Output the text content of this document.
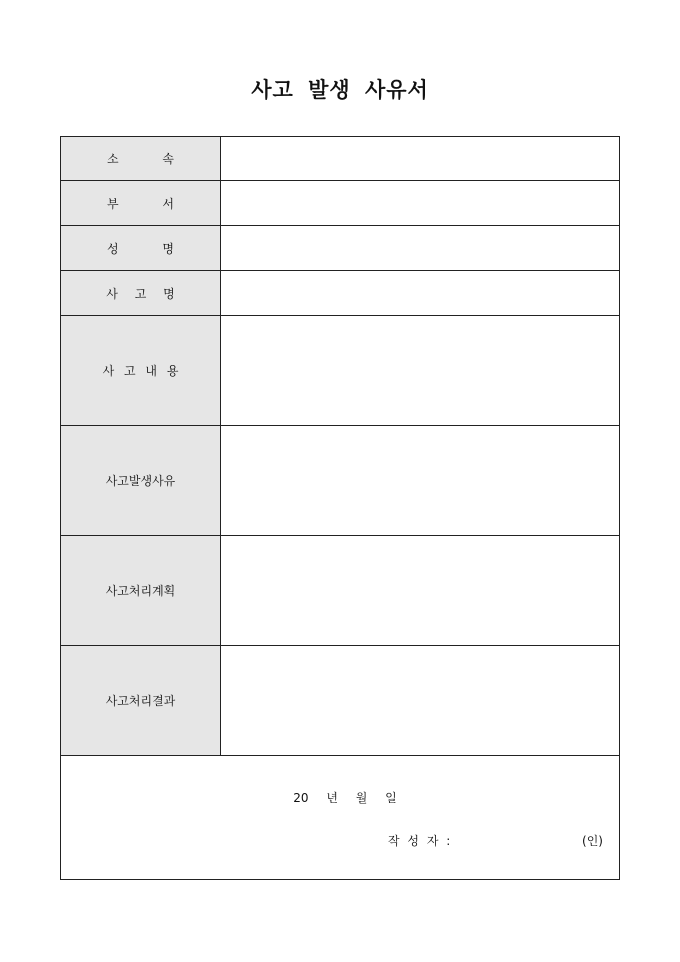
사고 발생 사유서
소 속	
부 서	
성 명	
사 고 명	
사 고 내 용	
사고발생사유	
사고처리계획	
사고처리결과	

20 년 월 일
작 성 자 : (인)	
